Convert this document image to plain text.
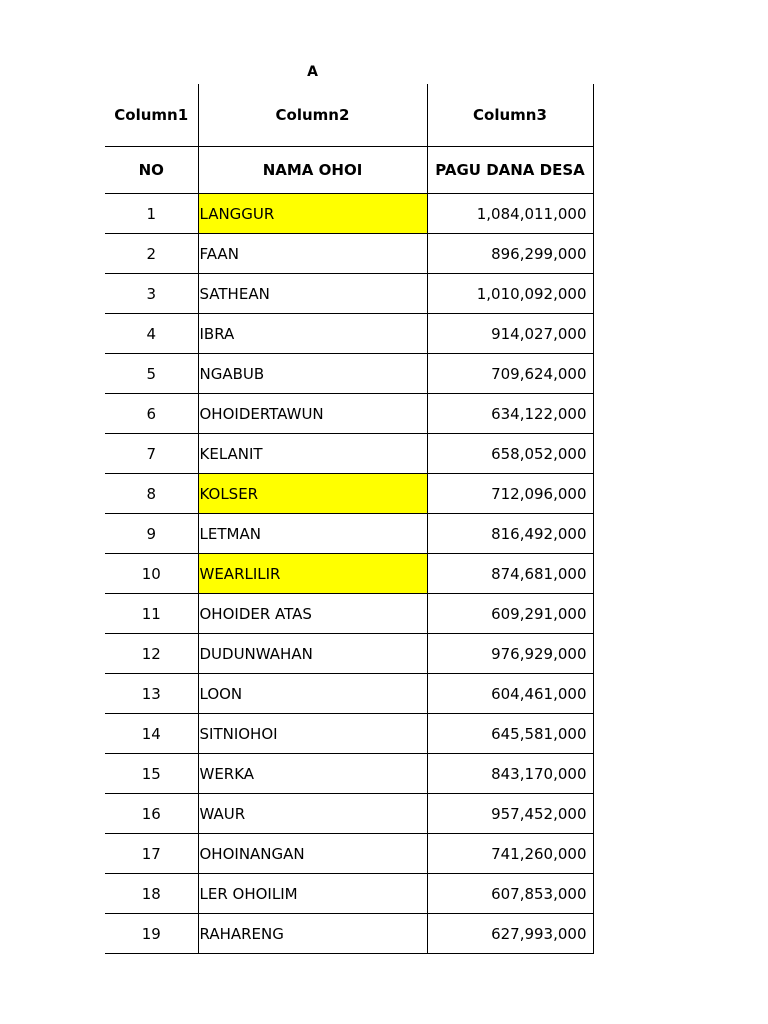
A
Column1	Column2	Column3
NO	NAMA OHOI	PAGU DANA DESA
1	LANGGUR	1,084,011,000
2	FAAN	896,299,000
3	SATHEAN	1,010,092,000
4	IBRA	914,027,000
5	NGABUB	709,624,000
6	OHOIDERTAWUN	634,122,000
7	KELANIT	658,052,000
8	KOLSER	712,096,000
9	LETMAN	816,492,000
10	WEARLILIR	874,681,000
11	OHOIDER ATAS	609,291,000
12	DUDUNWAHAN	976,929,000
13	LOON	604,461,000
14	SITNIOHOI	645,581,000
15	WERKA	843,170,000
16	WAUR	957,452,000
17	OHOINANGAN	741,260,000
18	LER OHOILIM	607,853,000
19	RAHARENG	627,993,000
